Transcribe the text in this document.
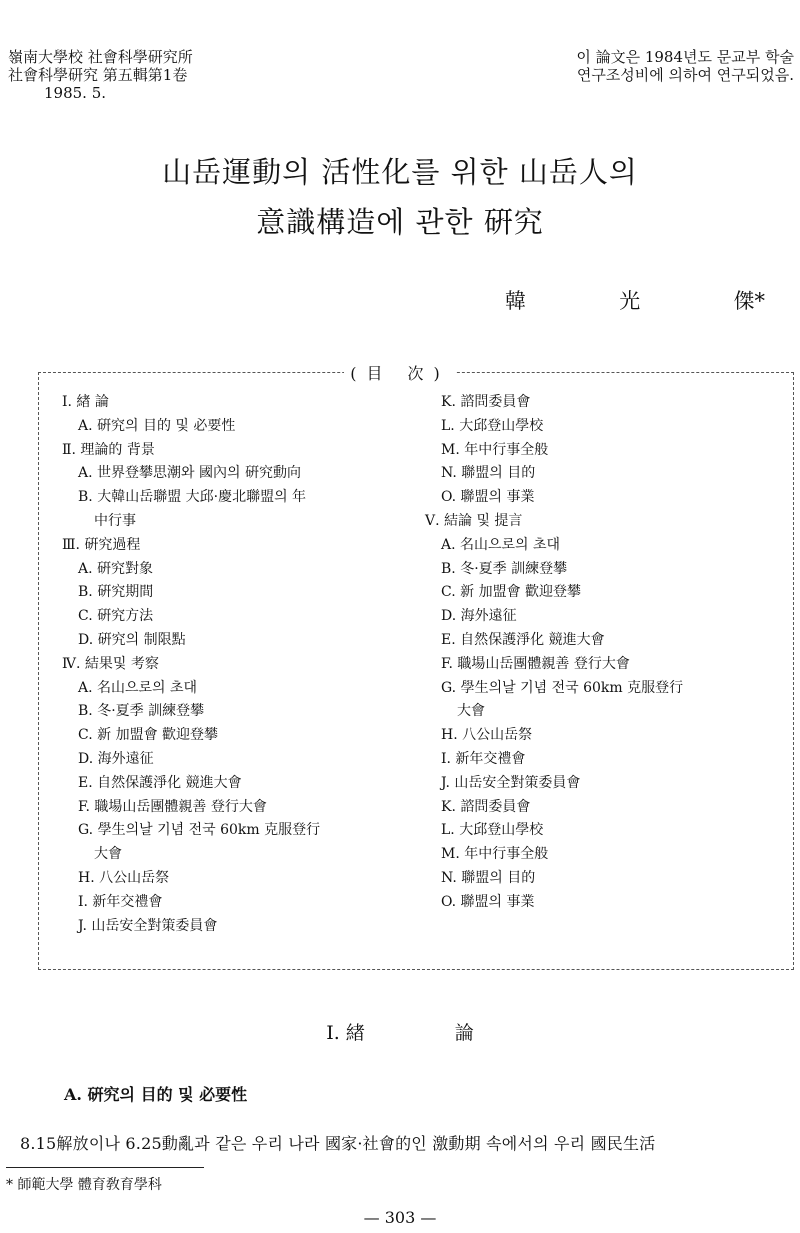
嶺南大學校 社會科學研究所
社會科學研究 第五輯第1卷
1985. 5.
이 論文은 1984년도 문교부 학술
연구조성비에 의하여 연구되었음.
山岳運動의 活性化를 위한 山岳人의
意識構造에 관한 硏究
韓	光	傑*
(目 次)
Ⅰ. 緖 論
A. 硏究의 目的 및 必要性
Ⅱ. 理論的 背景
A. 世界登攀思潮와 國內의 硏究動向
B. 大韓山岳聯盟 大邱·慶北聯盟의 年
中行事
Ⅲ. 硏究過程
A. 硏究對象
B. 硏究期間
C. 硏究方法
D. 硏究의 制限點
Ⅳ. 結果및 考察
A. 名山으로의 초대
B. 冬·夏季 訓練登攀
C. 新 加盟會 歡迎登攀
D. 海外遠征
E. 自然保護淨化 競進大會
F. 職場山岳團體親善 登行大會
G. 學生의날 기념 전국 60km 克服登行
大會
H. 八公山岳祭
I. 新年交禮會
J. 山岳安全對策委員會
K. 諮問委員會
L. 大邱登山學校
M. 年中行事全般
N. 聯盟의 目的
O. 聯盟의 事業
Ⅴ. 結論 및 提言
A. 名山으로의 초대
B. 冬·夏季 訓練登攀
C. 新 加盟會 歡迎登攀
D. 海外遠征
E. 自然保護淨化 競進大會
F. 職場山岳團體親善 登行大會
G. 學生의날 기념 전국 60km 克服登行
大會
H. 八公山岳祭
I. 新年交禮會
J. 山岳安全對策委員會
K. 諮問委員會
L. 大邱登山學校
M. 年中行事全般
N. 聯盟의 目的
O. 聯盟의 事業
Ⅰ. 緖	論
A. 硏究의 目的 및 必要性
8.15解放이나 6.25動亂과 같은 우리 나라 國家·社會的인 激動期 속에서의 우리 國民生活
* 師範大學 體育敎育學科
— 303 —
